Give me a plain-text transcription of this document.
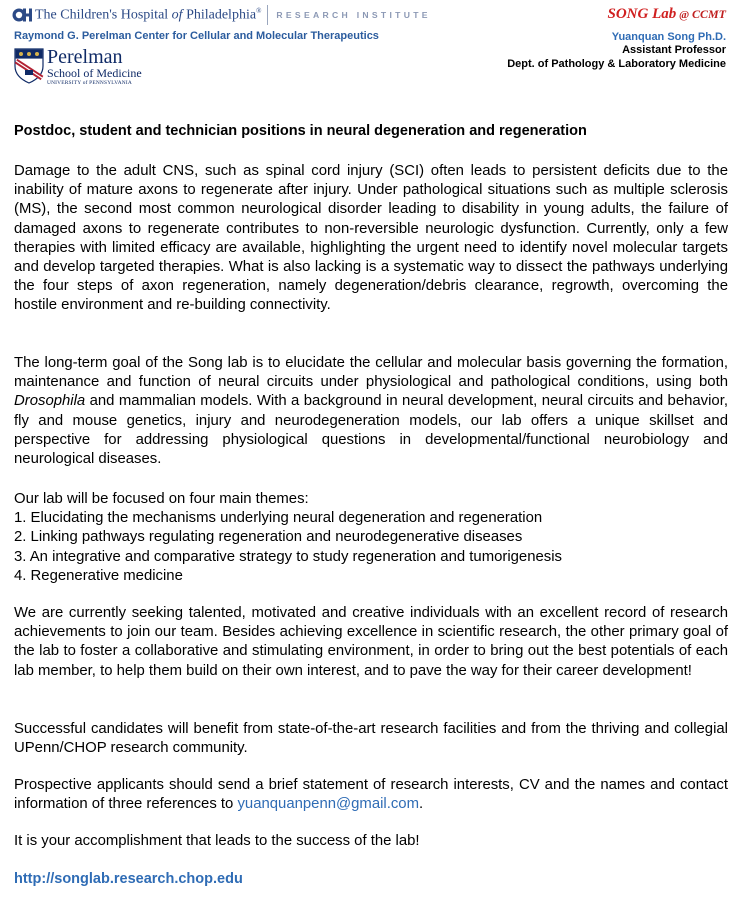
The Children's Hospital of Philadelphia® RESEARCH INSTITUTE
Raymond G. Perelman Center for Cellular and Molecular Therapeutics
Perelman
School of Medicine
UNIVERSITY of PENNSYLVANIA
SONG Lab @ CCMT
Yuanquan Song Ph.D.
Assistant Professor
Dept. of Pathology & Laboratory Medicine
Postdoc, student and technician positions in neural degeneration and regeneration

Damage to the adult CNS, such as spinal cord injury (SCI) often leads to persistent deficits due to the inability of mature axons to regenerate after injury. Under pathological situations such as multiple sclerosis (MS), the second most common neurological disorder leading to disability in young adults, the failure of damaged axons to regenerate contributes to non-reversible neurologic dysfunction. Currently, only a few therapies with limited efficacy are available, highlighting the urgent need to identify novel molecular targets and develop targeted therapies. What is also lacking is a systematic way to dissect the pathways underlying the four steps of axon regeneration, namely degeneration/debris clearance, regrowth, overcoming the hostile environment and re-building connectivity.

The long-term goal of the Song lab is to elucidate the cellular and molecular basis governing the formation, maintenance and function of neural circuits under physiological and pathological conditions, using both Drosophila and mammalian models. With a background in neural development, neural circuits and behavior, fly and mouse genetics, injury and neurodegeneration models, our lab offers a unique skillset and perspective for addressing physiological questions in developmental/functional neurobiology and neurological diseases.

Our lab will be focused on four main themes:
1. Elucidating the mechanisms underlying neural degeneration and regeneration
2. Linking pathways regulating regeneration and neurodegenerative diseases
3. An integrative and comparative strategy to study regeneration and tumorigenesis
4. Regenerative medicine

We are currently seeking talented, motivated and creative individuals with an excellent record of research achievements to join our team. Besides achieving excellence in scientific research, the other primary goal of the lab to foster a collaborative and stimulating environment, in order to bring out the best potentials of each lab member, to help them build on their own interest, and to pave the way for their career development!

Successful candidates will benefit from state-of-the-art research facilities and from the thriving and collegial UPenn/CHOP research community.

Prospective applicants should send a brief statement of research interests, CV and the names and contact information of three references to yuanquanpenn@gmail.com.

It is your accomplishment that leads to the success of the lab!

http://songlab.research.chop.edu
